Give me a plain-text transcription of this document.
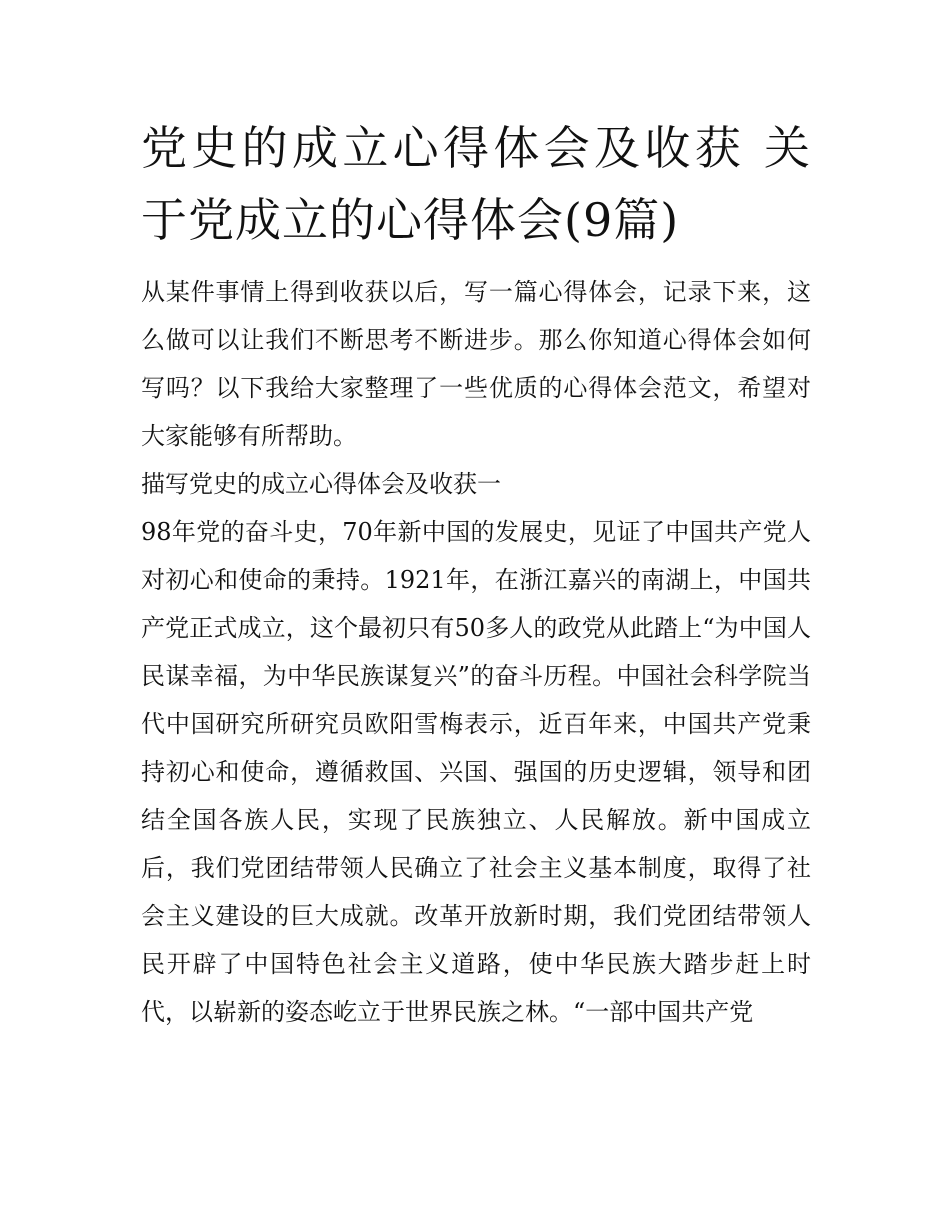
党史的成立心得体会及收获 关于党成立的心得体会(9篇)

从某件事情上得到收获以后，写一篇心得体会，记录下来，这么做可以让我们不断思考不断进步。那么你知道心得体会如何写吗？以下我给大家整理了一些优质的心得体会范文，希望对大家能够有所帮助。

描写党史的成立心得体会及收获一

98年党的奋斗史，70年新中国的发展史，见证了中国共产党人对初心和使命的秉持。1921年，在浙江嘉兴的南湖上，中国共产党正式成立，这个最初只有50多人的政党从此踏上“为中国人民谋幸福，为中华民族谋复兴”的奋斗历程。中国社会科学院当代中国研究所研究员欧阳雪梅表示，近百年来，中国共产党秉持初心和使命，遵循救国、兴国、强国的历史逻辑，领导和团结全国各族人民，实现了民族独立、人民解放。新中国成立后，我们党团结带领人民确立了社会主义基本制度，取得了社会主义建设的巨大成就。改革开放新时期，我们党团结带领人民开辟了中国特色社会主义道路，使中华民族大踏步赶上时代，以崭新的姿态屹立于世界民族之林。“一部中国共产党
